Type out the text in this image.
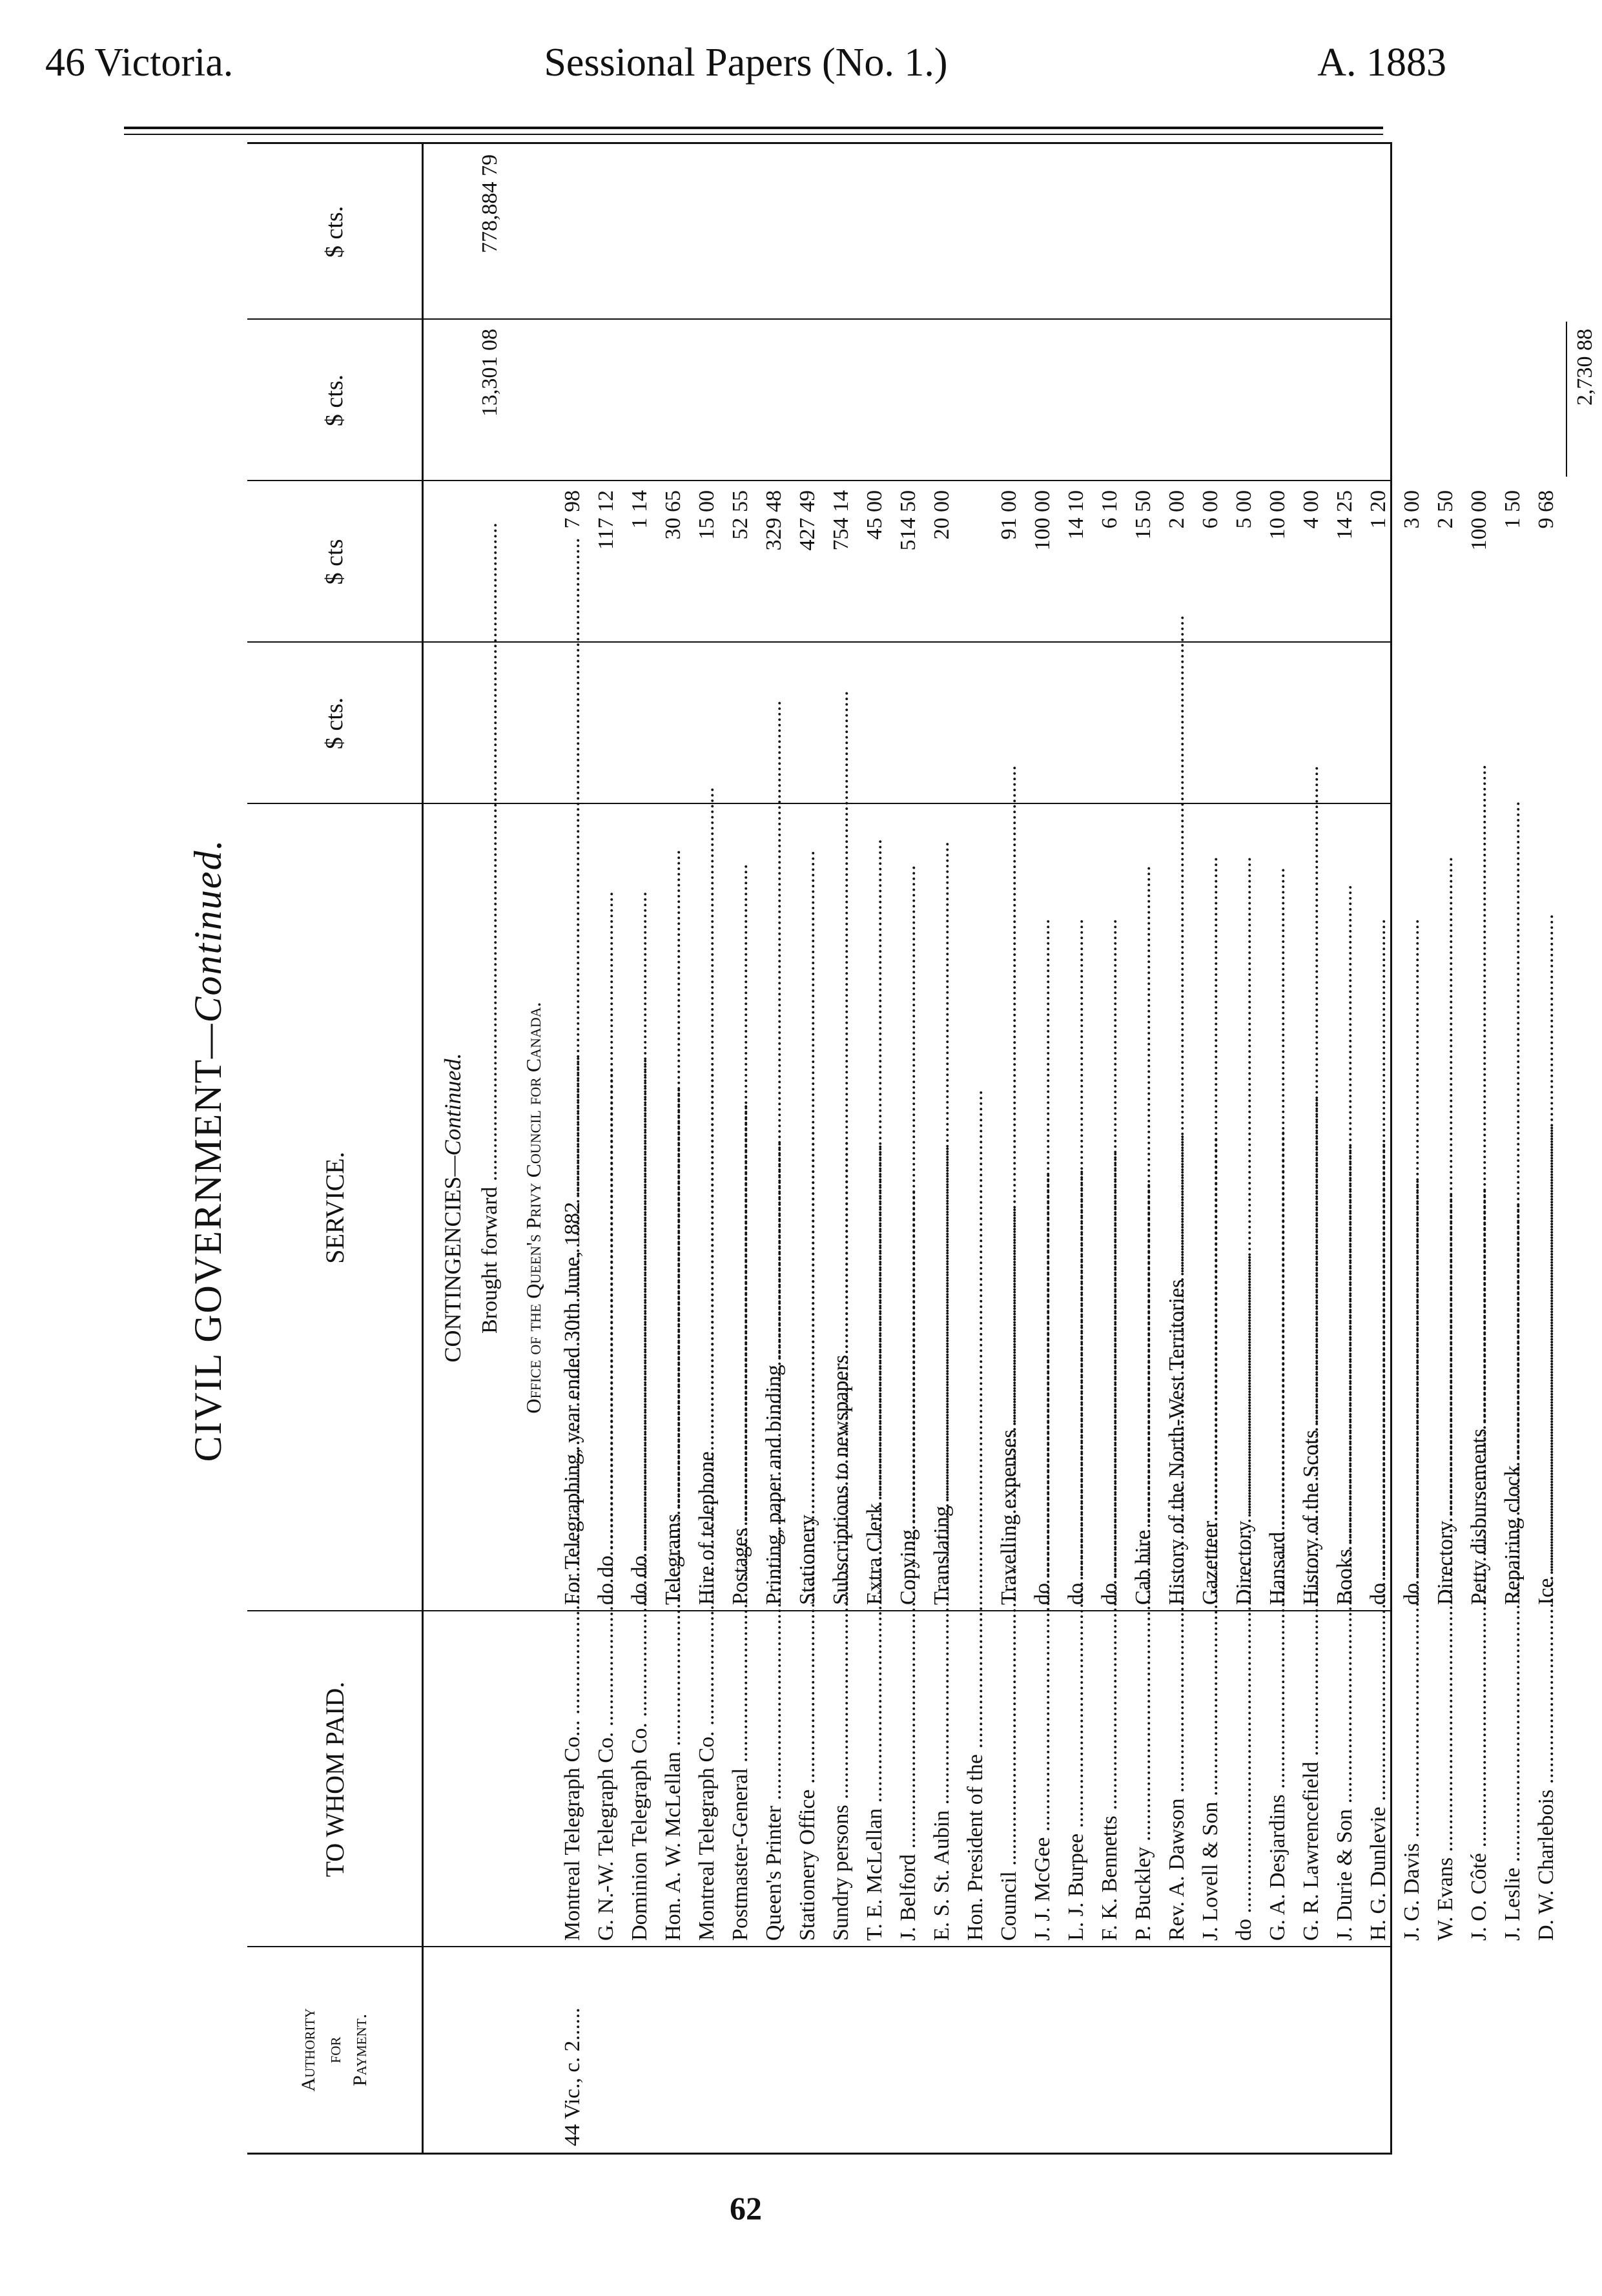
46 Victoria.	Sessional Papers (No. 1.)	A. 1883
CIVIL GOVERNMENT—Continued.
Authority for Payment.
TO WHOM PAID.
SERVICE.
$ cts.
$ cts
$ cts.
$ cts.
CONTINGENCIES—Continued.
Brought forward .....
13,301 08
778,884 79
Office of the Queen's Privy Council for Canada.
44 Vic., c. 2......
Montreal Telegraph Co... .....
For Telegraphing, year ended 30th June, 1882 .....
7 98
G. N.-W. Telegraph Co. .....
do do .....
117 12
Dominion Telegraph Co. .....
do do .....
1 14
Hon. A. W. McLellan .....
Telegrams .....
30 65
Montreal Telegraph Co. .....
Hire of telephone .....
15 00
Postmaster-General .....
Postages .....
52 55
Queen's Printer .....
Printing, paper and binding .....
329 48
Stationery Office .....
Stationery .....
427 49
Sundry persons .....
Subscriptions to newspapers .....
754 14
T. E. McLellan .....
Extra Clerk .....
45 00
J. Belford .....
Copying .....
514 50
E. S. St. Aubin .....
Translating .....
20 00
Hon. President of the ..... Council .....
Travelling expenses .....
91 00
J. J. McGee .....
do .....
100 00
L. J. Burpee .....
do .....
14 10
F. K. Bennetts .....
do .....
6 10
P. Buckley .....
Cab hire .....
15 50
Rev. A. Dawson .....
History of the North-West Territories .....
2 00
J. Lovell & Son .....
Gazetteer .....
6 00
do .....
Directory .....
5 00
G. A. Desjardins .....
Hansard .....
10 00
G. R. Lawrencefield .....
History of the Scots .....
4 00
J. Durie & Son .....
Books .....
14 25
H. G. Dunlevie .....
do .....
1 20
J. G. Davis .....
do .....
3 00
W. Evans .....
Directory .....
2 50
J. O. Côté .....
Petty disbursements .....
100 00
J. Leslie .....
Repairing clock .....
1 50
D. W. Charlebois .....
Ice .....
9 68
2,730 88
62
